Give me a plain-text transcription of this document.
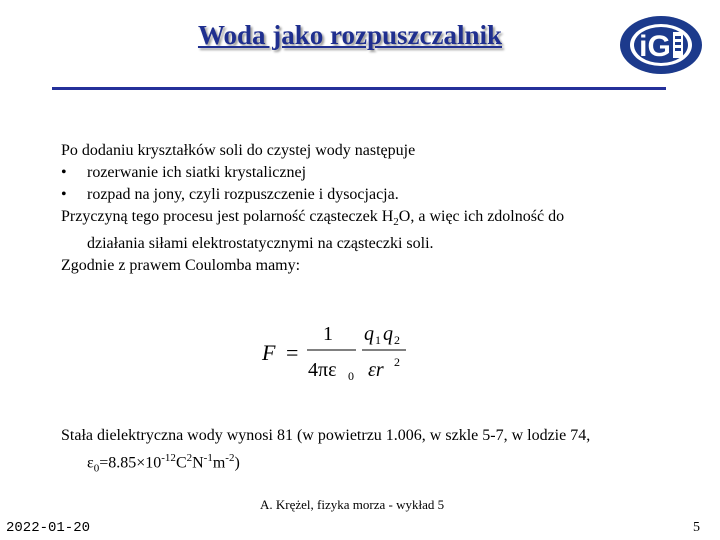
Woda jako rozpuszczalnik	iG

Po dodaniu kryształków soli do czystej wody następuje

•	rozerwanie ich siatki krystalicznej
•	rozpad na jony, czyli rozpuszczenie i dysocjacja.

Przyczyną tego procesu jest polarność cząsteczek $H_2O$, a więc ich zdolność do

działania siłami elektrostatycznymi na cząsteczki soli.

Zgodnie z prawem Coulomba mamy:

F =
1
4πε 0
q 1 q 2
εr 2

Stała dielektryczna wody wynosi 81 (w powietrzu 1.006, w szkle 5-7, w lodzie 74,

$\varepsilon_0=8.85\times 10^{-12}C^2N^{-1}m^{-2}$)

A. Krężel, fizyka morza - wykład 5
2022-01-20	5
